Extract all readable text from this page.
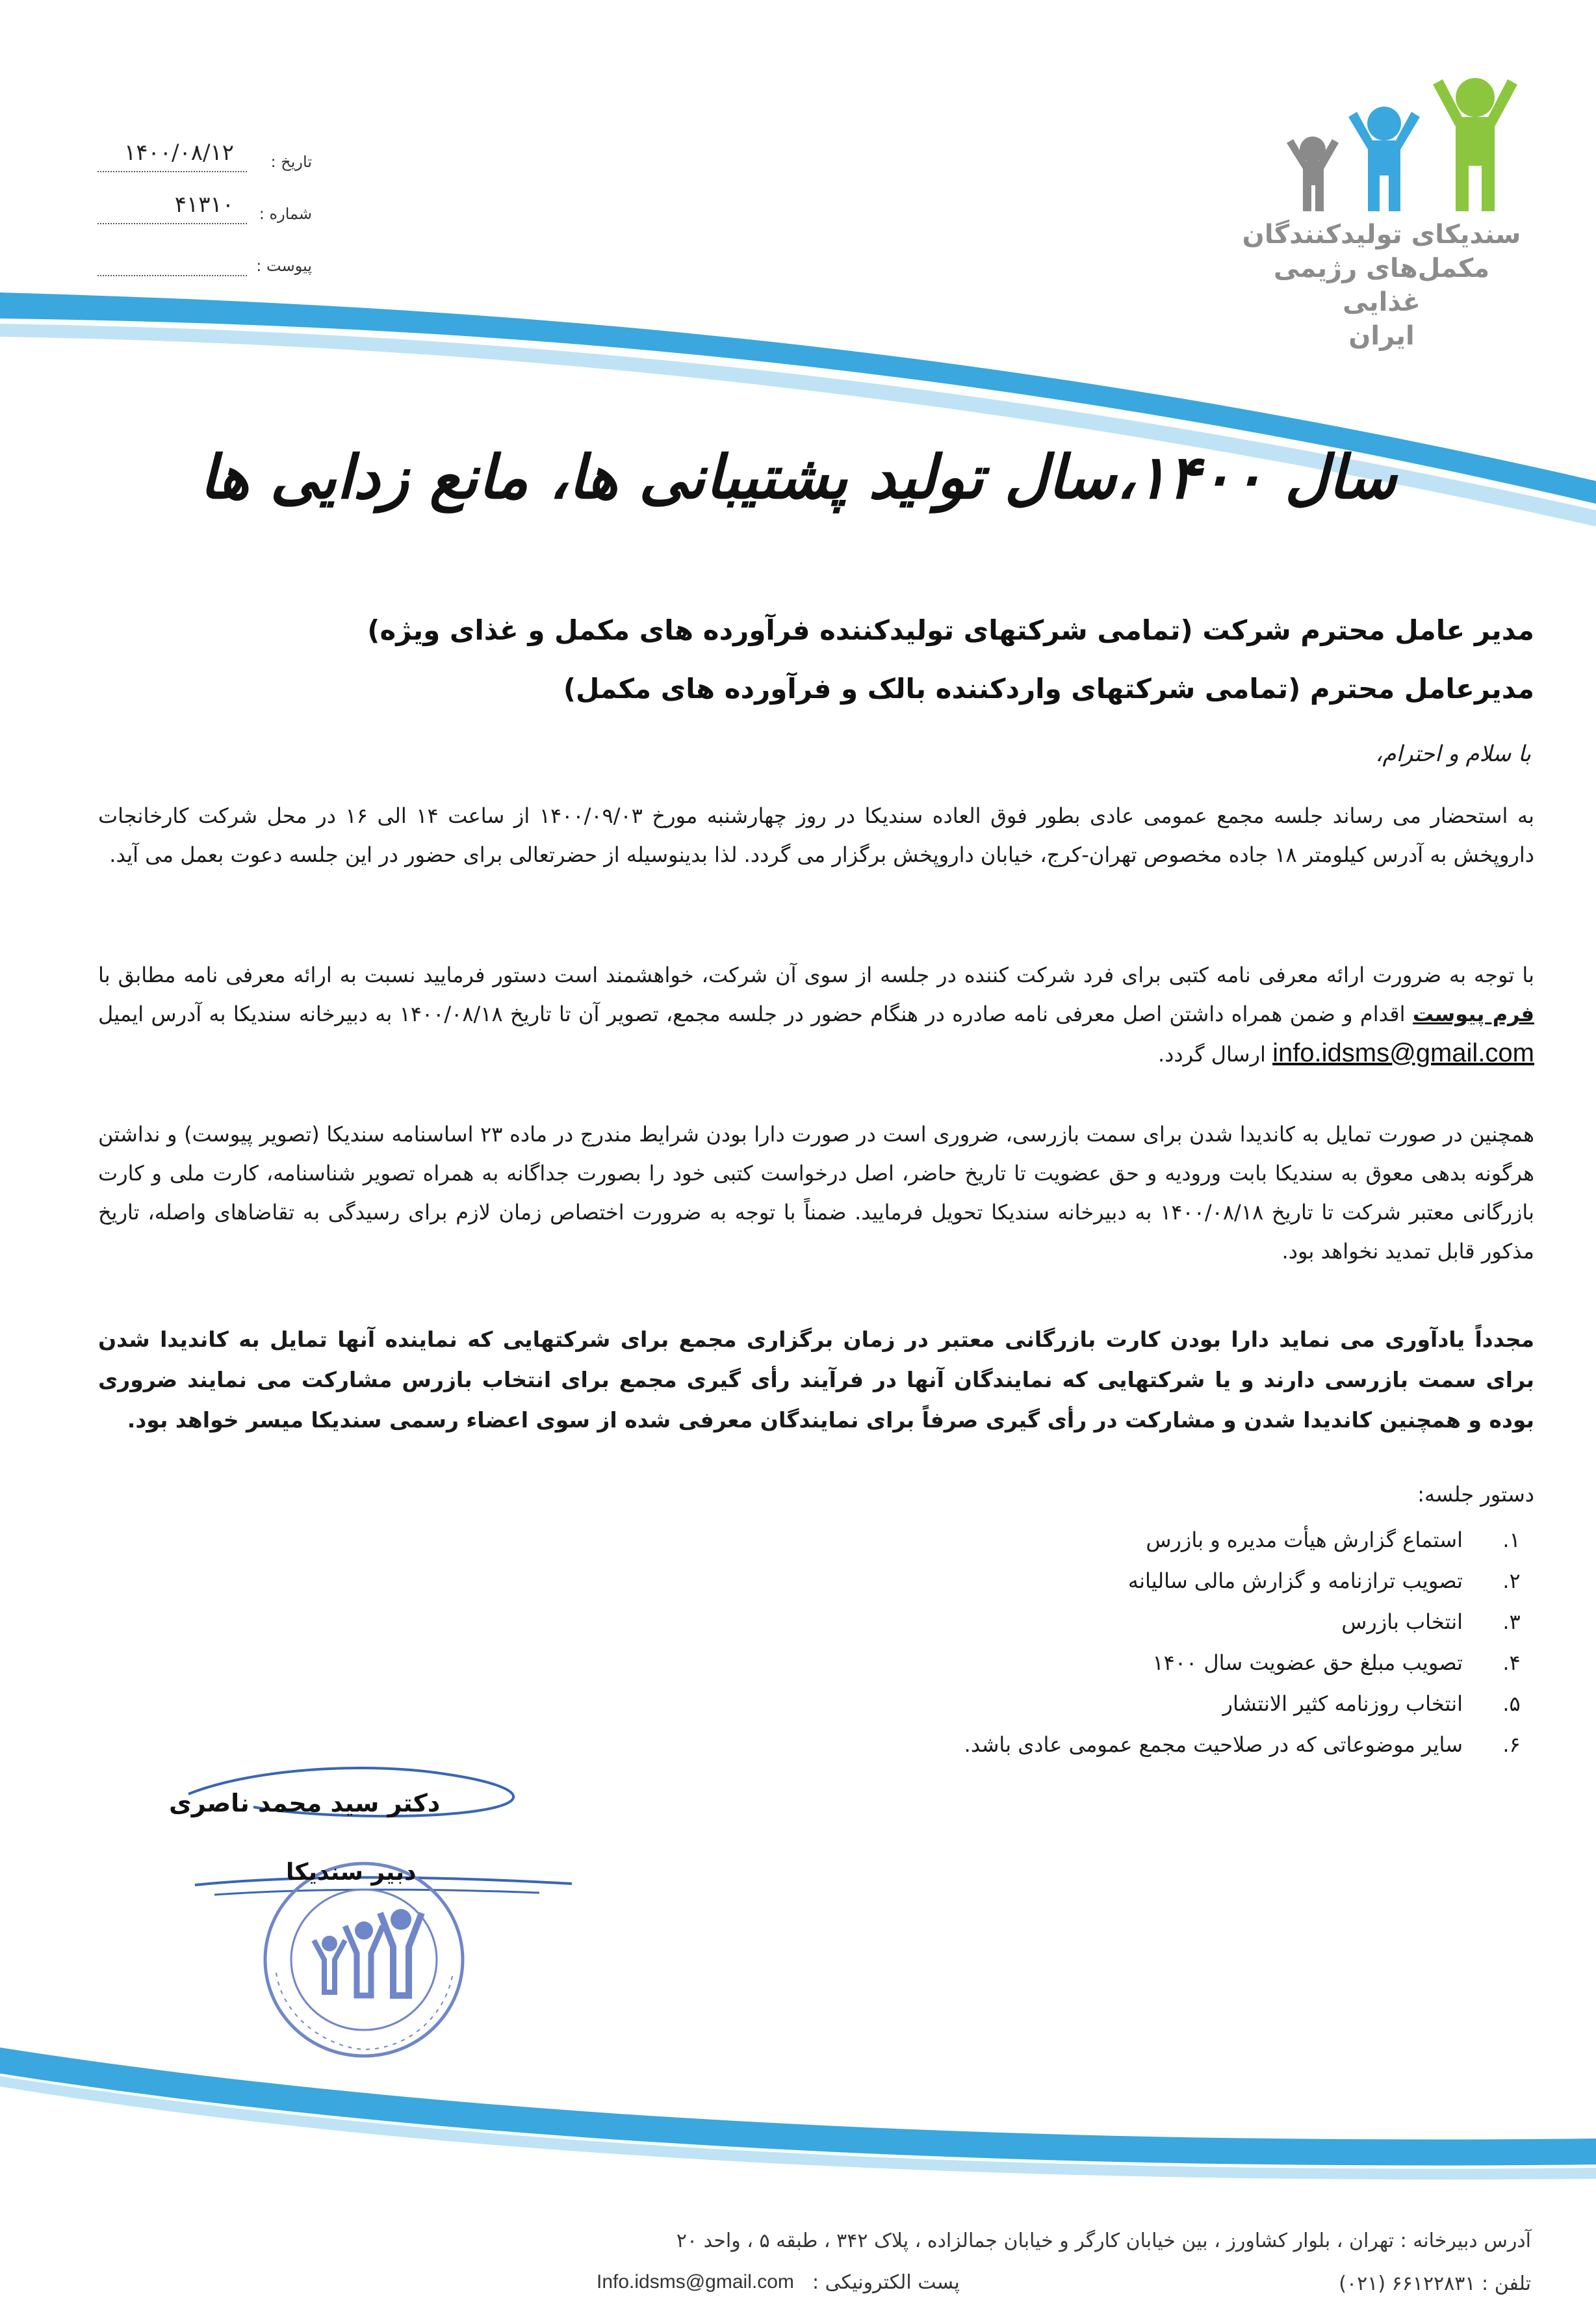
تاریخ :
۱۴۰۰/۰۸/۱۲
شماره :
۴۱۳۱۰
پیوست :
سندیکای تولیدکنندگان
مکمل‌های رژیمی غذایی
ایران
سال ۱۴۰۰،سال تولید پشتیبانی ها، مانع زدایی ها
مدیر عامل محترم شرکت (تمامی شرکتهای تولیدکننده فرآورده های مکمل و غذای ویژه)
مدیرعامل محترم (تمامی شرکتهای واردکننده بالک و فرآورده های مکمل)
با سلام و احترام،
به استحضار می رساند جلسه مجمع عمومی عادی بطور فوق العاده سندیکا در روز چهارشنبه مورخ ۱۴۰۰/۰۹/۰۳ از ساعت ۱۴ الی ۱۶ در محل شرکت کارخانجات داروپخش به آدرس کیلومتر ۱۸ جاده مخصوص تهران-کرج، خیابان داروپخش برگزار می گردد. لذا بدینوسیله از حضرتعالی برای حضور در این جلسه دعوت بعمل می آید.
با توجه به ضرورت ارائه معرفی نامه کتبی برای فرد شرکت کننده در جلسه از سوی آن شرکت، خواهشمند است دستور فرمایید نسبت به ارائه معرفی نامه مطابق با فرم پیوست اقدام و ضمن همراه داشتن اصل معرفی نامه صادره در هنگام حضور در جلسه مجمع، تصویر آن تا تاریخ ۱۴۰۰/۰۸/۱۸ به دبیرخانه سندیکا به آدرس ایمیل info.idsms@gmail.com ارسال گردد.
همچنین در صورت تمایل به کاندیدا شدن برای سمت بازرسی، ضروری است در صورت دارا بودن شرایط مندرج در ماده ۲۳ اساسنامه سندیکا (تصویر پیوست) و نداشتن هرگونه بدهی معوق به سندیکا بابت ورودیه و حق عضویت تا تاریخ حاضر، اصل درخواست کتبی خود را بصورت جداگانه به همراه تصویر شناسنامه، کارت ملی و کارت بازرگانی معتبر شرکت تا تاریخ ۱۴۰۰/۰۸/۱۸ به دبیرخانه سندیکا تحویل فرمایید. ضمناً با توجه به ضرورت اختصاص زمان لازم برای رسیدگی به تقاضاهای واصله، تاریخ مذکور قابل تمدید نخواهد بود.
مجدداً یادآوری می نماید دارا بودن کارت بازرگانی معتبر در زمان برگزاری مجمع برای شرکتهایی که نماینده آنها تمایل به کاندیدا شدن برای سمت بازرسی دارند و یا شرکتهایی که نمایندگان آنها در فرآیند رأی گیری مجمع برای انتخاب بازرس مشارکت می نمایند ضروری بوده و همچنین کاندیدا شدن و مشارکت در رأی گیری صرفاً برای نمایندگان معرفی شده از سوی اعضاء رسمی سندیکا میسر خواهد بود.
دستور جلسه:
۱.
استماع گزارش هیأت مدیره و بازرس
۲.
تصویب ترازنامه و گزارش مالی سالیانه
۳.
انتخاب بازرس
۴.
تصویب مبلغ حق عضویت سال ۱۴۰۰
۵.
انتخاب روزنامه کثیر الانتشار
۶.
سایر موضوعاتی که در صلاحیت مجمع عمومی عادی باشد.
دکتر سید محمد ناصری
دبیر سندیکا
آدرس دبیرخانه : تهران ، بلوار کشاورز ، بین خیابان کارگر و خیابان جمالزاده ، پلاک ۳۴۲ ، طبقه ۵ ، واحد ۲۰
تلفن : ۶۶۱۲۲۸۳۱ (۰۲۱)
پست الکترونیکی :
Info.idsms@gmail.com
